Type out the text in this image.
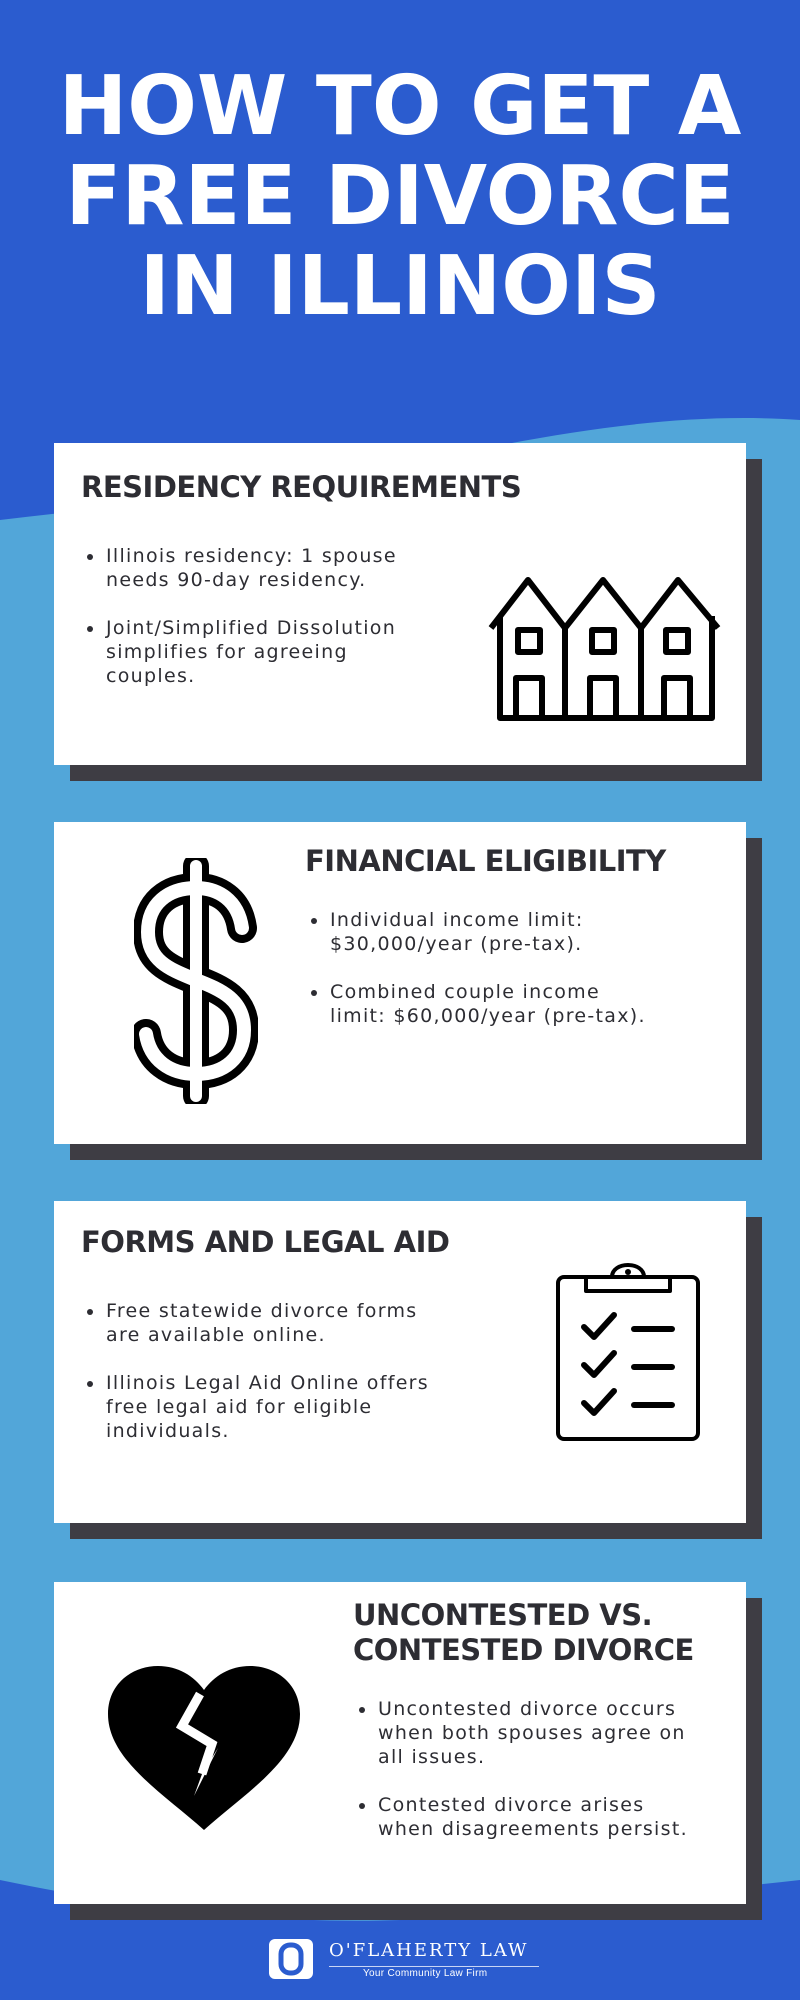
HOW TO GET A
FREE DIVORCE
IN ILLINOIS
RESIDENCY REQUIREMENTS
Illinois residency: 1 spouse needs 90-day residency.
Joint/Simplified Dissolution simplifies for agreeing couples.
FINANCIAL ELIGIBILITY
Individual income limit: $30,000/year (pre-tax).
Combined couple income limit: $60,000/year (pre-tax).
FORMS AND LEGAL AID
Free statewide divorce forms are available online.
Illinois Legal Aid Online offers free legal aid for eligible individuals.
UNCONTESTED VS.
CONTESTED DIVORCE
Uncontested divorce occurs when both spouses agree on all issues.
Contested divorce arises when disagreements persist.
O'FLAHERTY LAW
Your Community Law Firm
